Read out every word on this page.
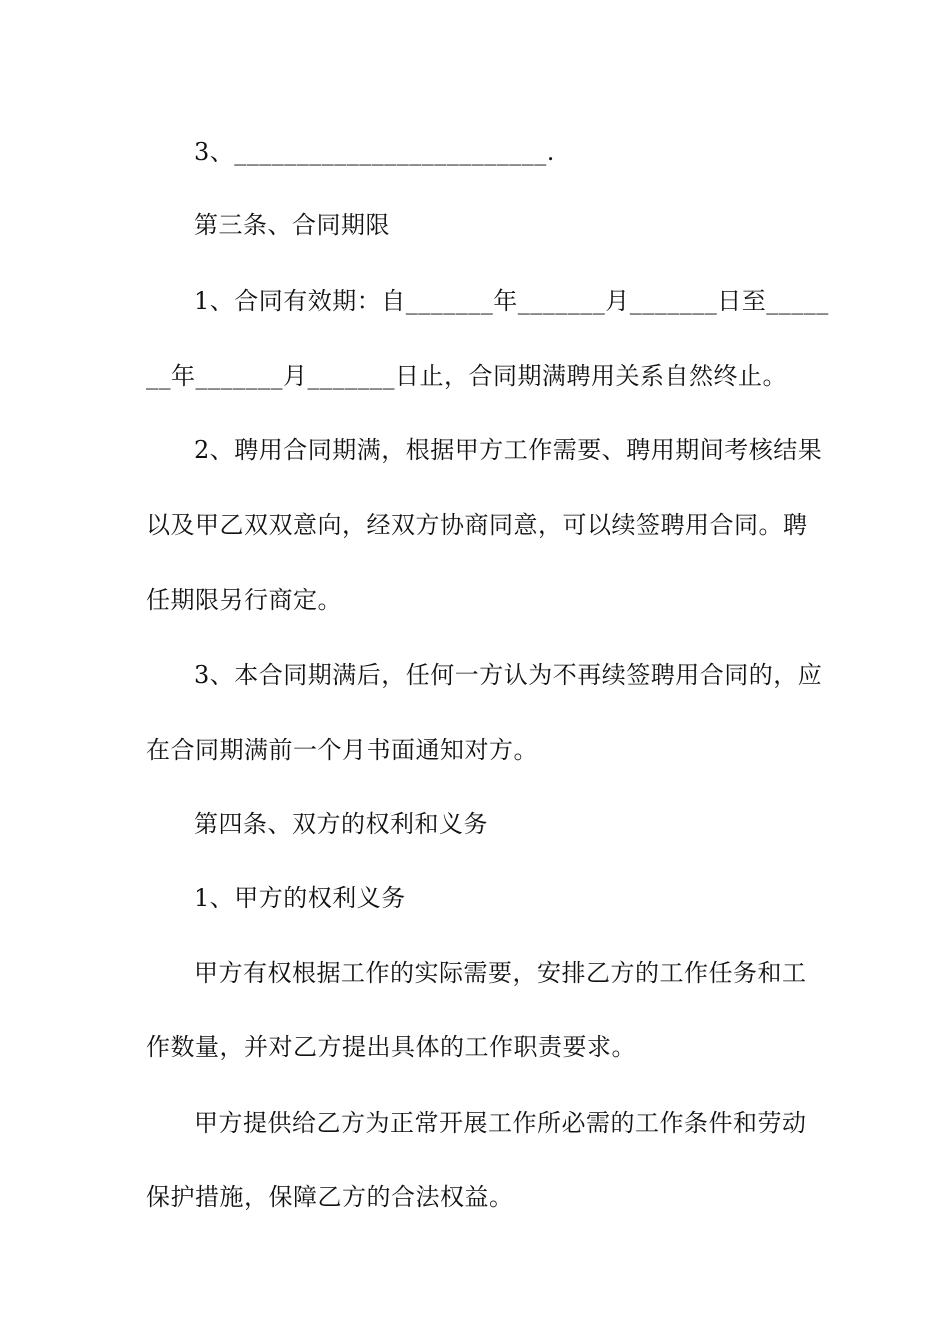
3、_________________________.
第三条、合同期限
1、合同有效期：自_______年_______月_______日至_____
__年_______月_______日止，合同期满聘用关系自然终止。
2、聘用合同期满，根据甲方工作需要、聘用期间考核结果
以及甲乙双双意向，经双方协商同意，可以续签聘用合同。聘
任期限另行商定。
3、本合同期满后，任何一方认为不再续签聘用合同的，应
在合同期满前一个月书面通知对方。
第四条、双方的权利和义务
1、甲方的权利义务
甲方有权根据工作的实际需要，安排乙方的工作任务和工
作数量，并对乙方提出具体的工作职责要求。
甲方提供给乙方为正常开展工作所必需的工作条件和劳动
保护措施，保障乙方的合法权益。
